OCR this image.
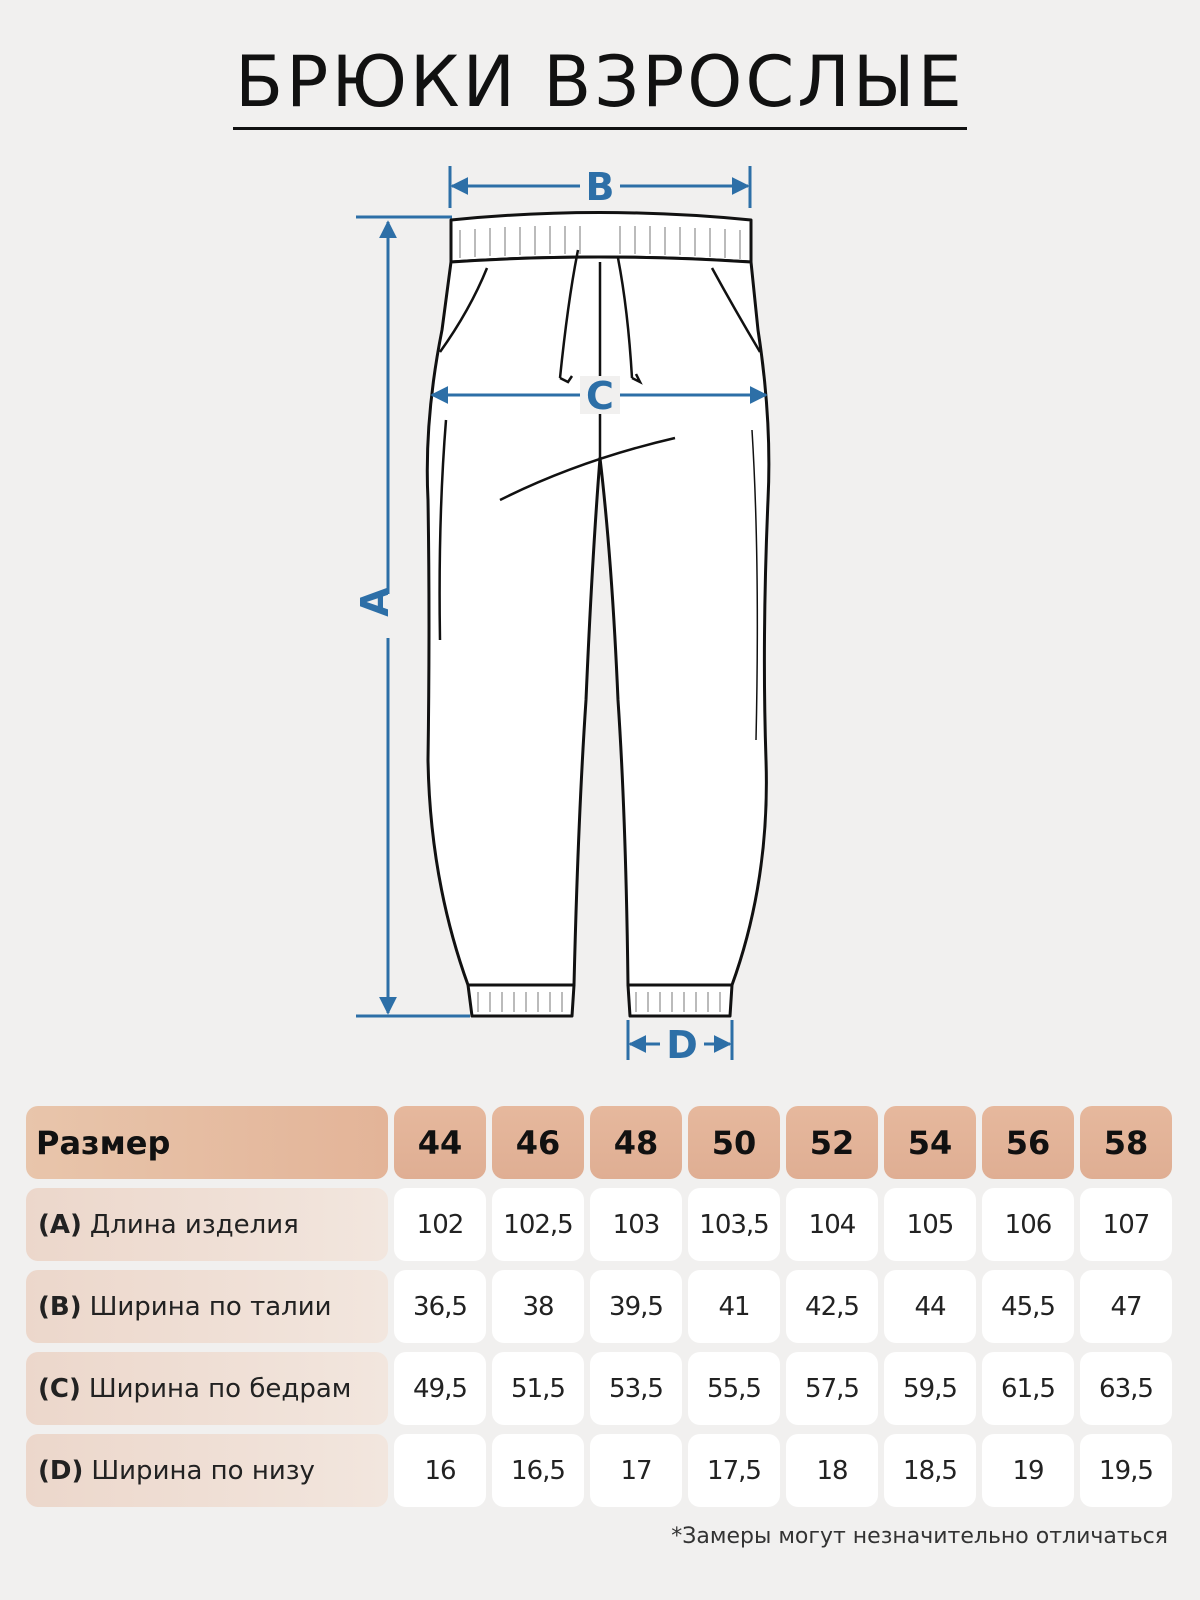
БРЮКИ ВЗРОСЛЫЕ
B
C
A
D
Размер	44	46	48	50	52	54	56	58
(A) Длина изделия	102	102,5	103	103,5	104	105	106	107
(B) Ширина по талии	36,5	38	39,5	41	42,5	44	45,5	47
(C) Ширина по бедрам	49,5	51,5	53,5	55,5	57,5	59,5	61,5	63,5
(D) Ширина по низу	16	16,5	17	17,5	18	18,5	19	19,5
*Замеры могут незначительно отличаться
